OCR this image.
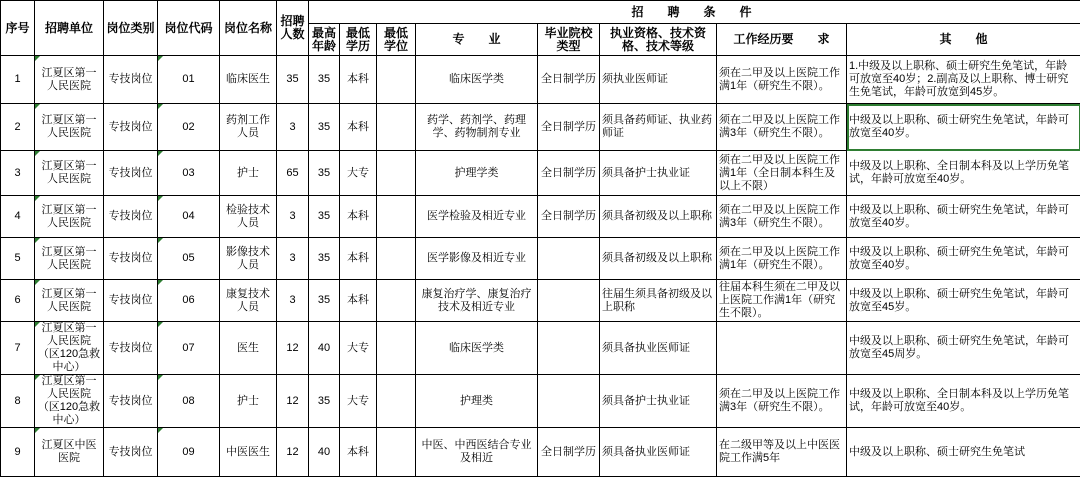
序号	招聘单位	岗位类别	岗位代码	岗位名称	招聘人数	招　聘　条　件							
						最高年龄	最低学历	最低学位	专　　业	毕业院校类型	执业资格、技术资格、技术等级	工作经历要　　求	其　　他
1	江夏区第一人民医院	专技岗位	01	临床医生	35	35	本科		临床医学类	全日制学历	须执业医师证	须在二甲及以上医院工作满1年（研究生不限）。	1.中级及以上职称、硕士研究生免笔试，年龄可放宽至40岁；2.副高及以上职称、博士研究生免笔试，年龄可放宽到45岁。
2	江夏区第一人民医院	专技岗位	02	药剂工作人员	3	35	本科		药学、药剂学、药理学、药物制剂专业	全日制学历	须具备药师证、执业药师证	须在二甲及以上医院工作满3年（研究生不限）。	中级及以上职称、硕士研究生免笔试，年龄可放宽至40岁。
3	江夏区第一人民医院	专技岗位	03	护士	65	35	大专		护理学类	全日制学历	须具备护士执业证	须在二甲及以上医院工作满1年（全日制本科生及以上不限）	中级及以上职称、全日制本科及以上学历免笔试，年龄可放宽至40岁。
4	江夏区第一人民医院	专技岗位	04	检验技术人员	3	35	本科		医学检验及相近专业	全日制学历	须具备初级及以上职称	须在二甲及以上医院工作满3年（研究生不限）。	中级及以上职称、硕士研究生免笔试，年龄可放宽至40岁。
5	江夏区第一人民医院	专技岗位	05	影像技术人员	3	35	本科		医学影像及相近专业		须具备初级及以上职称	须在二甲及以上医院工作满1年（研究生不限）。	中级及以上职称、硕士研究生免笔试，年龄可放宽至40岁。
6	江夏区第一人民医院	专技岗位	06	康复技术人员	3	35	本科		康复治疗学、康复治疗技术及相近专业		往届生须具备初级及以上职称	往届本科生须在二甲及以上医院工作满1年（研究生不限）。	中级及以上职称、硕士研究生免笔试，年龄可放宽至45岁。
7	江夏区第一人民医院（区120急救中心）	专技岗位	07	医生	12	40	大专		临床医学类		须具备执业医师证		中级及以上职称、硕士研究生免笔试，年龄可放宽至45周岁。
8	江夏区第一人民医院（区120急救中心）	专技岗位	08	护士	12	35	大专		护理类		须具备护士执业证	须在二甲及以上医院工作满3年（研究生不限）。	中级及以上职称、全日制本科及以上学历免笔试，年龄可放宽至40岁。
9	江夏区中医医院	专技岗位	09	中医医生	12	40	本科		中医、中西医结合专业及相近	全日制学历	须具备执业医师证	在二级甲等及以上中医医院工作满5年	中级及以上职称、硕士研究生免笔试
